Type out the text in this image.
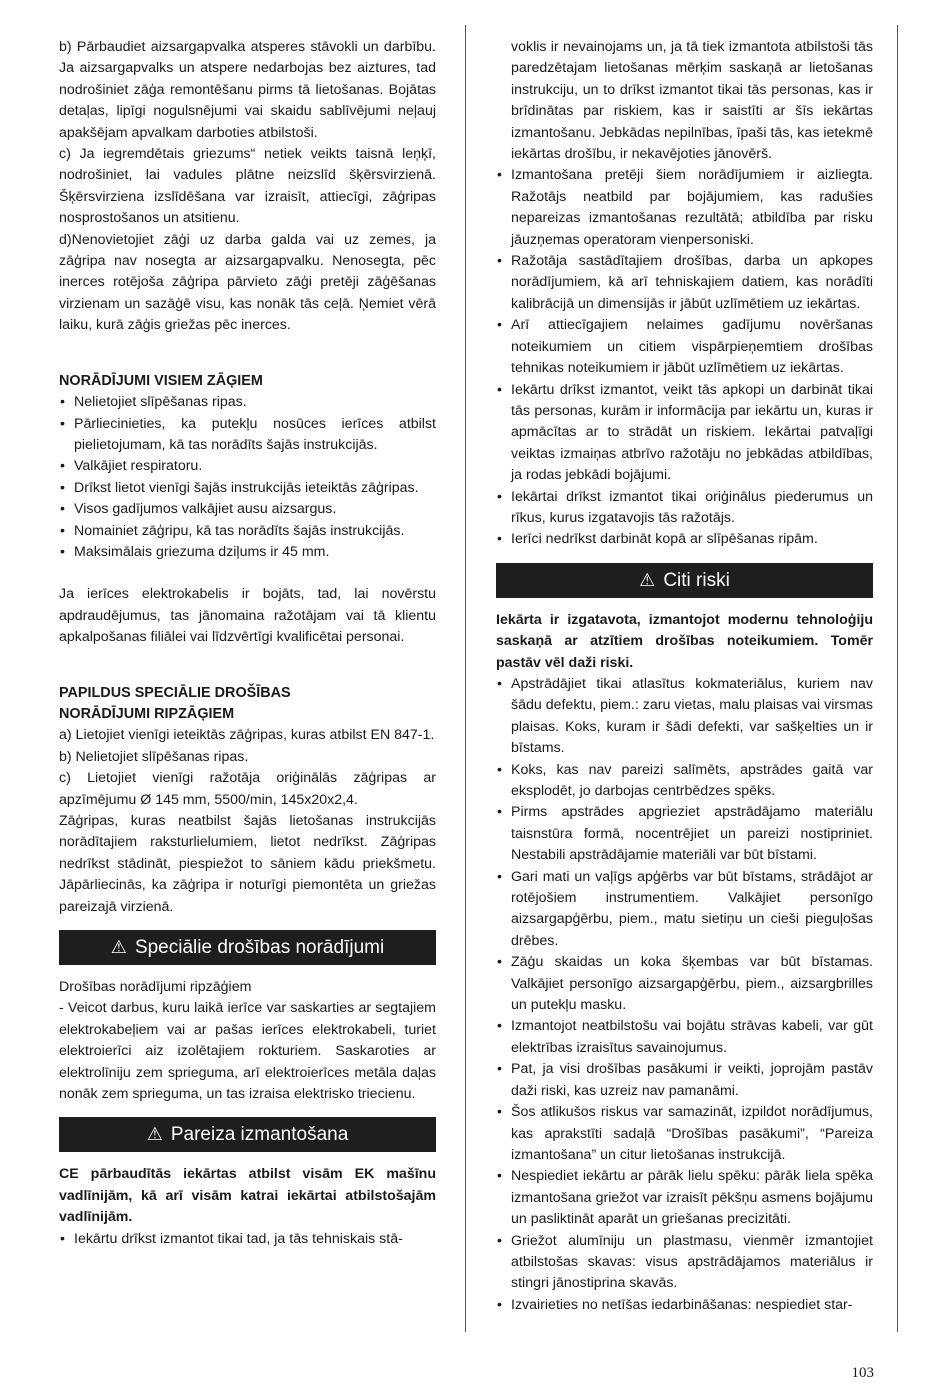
b) Pārbaudiet aizsargapvalka atsperes stāvokli un darbību. Ja aizsargapvalks un atspere nedarbojas bez aiztures, tad nodrošiniet zāģa remontēšanu pirms tā lietošanas. Bojātas detaļas, lipīgi nogulsnējumi vai skaidu sablīvējumi neļauj apakšējam apvalkam darboties atbilstoši.

c) Ja iegremdētais griezums“ netiek veikts taisnā leņķī, nodrošiniet, lai vadules plātne neizslīd šķērsvirzienā. Šķērsvirziena izslīdēšana var izraisīt, attiecīgi, zāģripas nosprostošanos un atsitienu.

d)Nenovietojiet zāģi uz darba galda vai uz zemes, ja zāģripa nav nosegta ar aizsargapvalku. Nenosegta, pēc inerces rotējoša zāģripa pārvieto zāģi pretēji zāģēšanas virzienam un sazāģē visu, kas nonāk tās ceļā. Ņemiet vērā laiku, kurā zāģis griežas pēc inerces.

NORĀDĪJUMI VISIEM ZĀĢIEM
• Nelietojiet slīpēšanas ripas.
• Pārliecinieties, ka putekļu nosūces ierīces atbilst pielietojumam, kā tas norādīts šajās instrukcijās.
• Valkājiet respiratoru.
• Drīkst lietot vienīgi šajās instrukcijās ieteiktās zāģripas.
• Visos gadījumos valkājiet ausu aizsargus.
• Nomainiet zāģripu, kā tas norādīts šajās instrukcijās.
• Maksimālais griezuma dziļums ir 45 mm.

Ja ierīces elektrokabelis ir bojāts, tad, lai novērstu apdraudējumus, tas jānomaina ražotājam vai tā klientu apkalpošanas filiālei vai līdzvērtīgi kvalificētai personai.

PAPILDUS SPECIĀLIE DROŠĪBAS
NORĀDĪJUMI RIPZĀĢIEM

a) Lietojiet vienīgi ieteiktās zāģripas, kuras atbilst EN 847-1.

b) Nelietojiet slīpēšanas ripas.

c) Lietojiet vienīgi ražotāja oriģinālās zāģripas ar apzīmējumu Ø 145 mm, 5500/min, 145x20x2,4.

Zāģripas, kuras neatbilst šajās lietošanas instrukcijās norādītajiem raksturlielumiem, lietot nedrīkst. Zāģripas nedrīkst stādināt, piespiežot to sāniem kādu priekšmetu. Jāpārliecinās, ka zāģripa ir noturīgi piemontēta un griežas pareizajā virzienā.

⚠ Speciālie drošības norādījumi

Drošības norādījumi ripzāģiem

- Veicot darbus, kuru laikā ierīce var saskarties ar segtajiem elektrokabeļiem vai ar pašas ierīces elektrokabeli, turiet elektroierīci aiz izolētajiem rokturiem. Saskaroties ar elektrolīniju zem sprieguma, arī elektroierīces metāla daļas nonāk zem sprieguma, un tas izraisa elektrisko triecienu.

⚠ Pareiza izmantošana

CE pārbaudītās iekārtas atbilst visām EK mašīnu vadlīnijām, kā arī visām katrai iekārtai atbilstošajām vadlīnijām.

• Iekārtu drīkst izmantot tikai tad, ja tās tehniskais stā-

voklis ir nevainojams un, ja tā tiek izmantota atbilstoši tās paredzētajam lietošanas mērķim saskaņā ar lietošanas instrukciju, un to drīkst izmantot tikai tās personas, kas ir brīdinātas par riskiem, kas ir saistīti ar šīs iekārtas izmantošanu. Jebkādas nepilnības, īpaši tās, kas ietekmē iekārtas drošību, ir nekavējoties jānovērš.

• Izmantošana pretēji šiem norādījumiem ir aizliegta. Ražotājs neatbild par bojājumiem, kas radušies nepareizas izmantošanas rezultātā; atbildība par risku jāuzņemas operatoram vienpersoniski.
• Ražotāja sastādītajiem drošības, darba un apkopes norādījumiem, kā arī tehniskajiem datiem, kas norādīti kalibrācijā un dimensijās ir jābūt uzlīmētiem uz iekārtas.
• Arī attiecīgajiem nelaimes gadījumu novēršanas noteikumiem un citiem vispārpieņemtiem drošības tehnikas noteikumiem ir jābūt uzlīmētiem uz iekārtas.
• Iekārtu drīkst izmantot, veikt tās apkopi un darbināt tikai tās personas, kurām ir informācija par iekārtu un, kuras ir apmācītas ar to strādāt un riskiem. Iekārtai patvaļīgi veiktas izmaiņas atbrīvo ražotāju no jebkādas atbildības, ja rodas jebkādi bojājumi.
• Iekārtai drīkst izmantot tikai oriģinālus piederumus un rīkus, kurus izgatavojis tās ražotājs.
• Ierīci nedrīkst darbināt kopā ar slīpēšanas ripām.
⚠ Citi riski

Iekārta ir izgatavota, izmantojot modernu tehnoloģiju saskaņā ar atzītiem drošības noteikumiem. Tomēr pastāv vēl daži riski.

• Apstrādājiet tikai atlasītus kokmateriālus, kuriem nav šādu defektu, piem.: zaru vietas, malu plaisas vai virsmas plaisas. Koks, kuram ir šādi defekti, var sašķelties un ir bīstams.
• Koks, kas nav pareizi salīmēts, apstrādes gaitā var eksplodēt, jo darbojas centrbēdzes spēks.
• Pirms apstrādes apgrieziet apstrādājamo materiālu taisnstūra formā, nocentrējiet un pareizi nostipriniet. Nestabili apstrādājamie materiāli var būt bīstami.
• Gari mati un vaļīgs apģērbs var būt bīstams, strādājot ar rotējošiem instrumentiem. Valkājiet personīgo aizsargapģērbu, piem., matu sietiņu un cieši pieguļošas drēbes.
• Zāģu skaidas un koka šķembas var būt bīstamas. Valkājiet personīgo aizsargapģērbu, piem., aizsargbrilles un putekļu masku.
• Izmantojot neatbilstošu vai bojātu strāvas kabeli, var gūt elektrības izraisītus savainojumus.
• Pat, ja visi drošības pasākumi ir veikti, joprojām pastāv daži riski, kas uzreiz nav pamanāmi.
• Šos atlikušos riskus var samazināt, izpildot norādījumus, kas aprakstīti sadaļā “Drošības pasākumi”, “Pareiza izmantošana” un citur lietošanas instrukcijā.
• Nespiediet iekārtu ar pārāk lielu spēku: pārāk liela spēka izmantošana griežot var izraisīt pēkšņu asmens bojājumu un pasliktināt aparāt un griešanas precizitāti.
• Griežot alumīniju un plastmasu, vienmēr izmantojiet atbilstošas skavas: visus apstrādājamos materiālus ir stingri jānostiprina skavās.
• Izvairieties no netīšas iedarbināšanas: nespiediet star-
103
